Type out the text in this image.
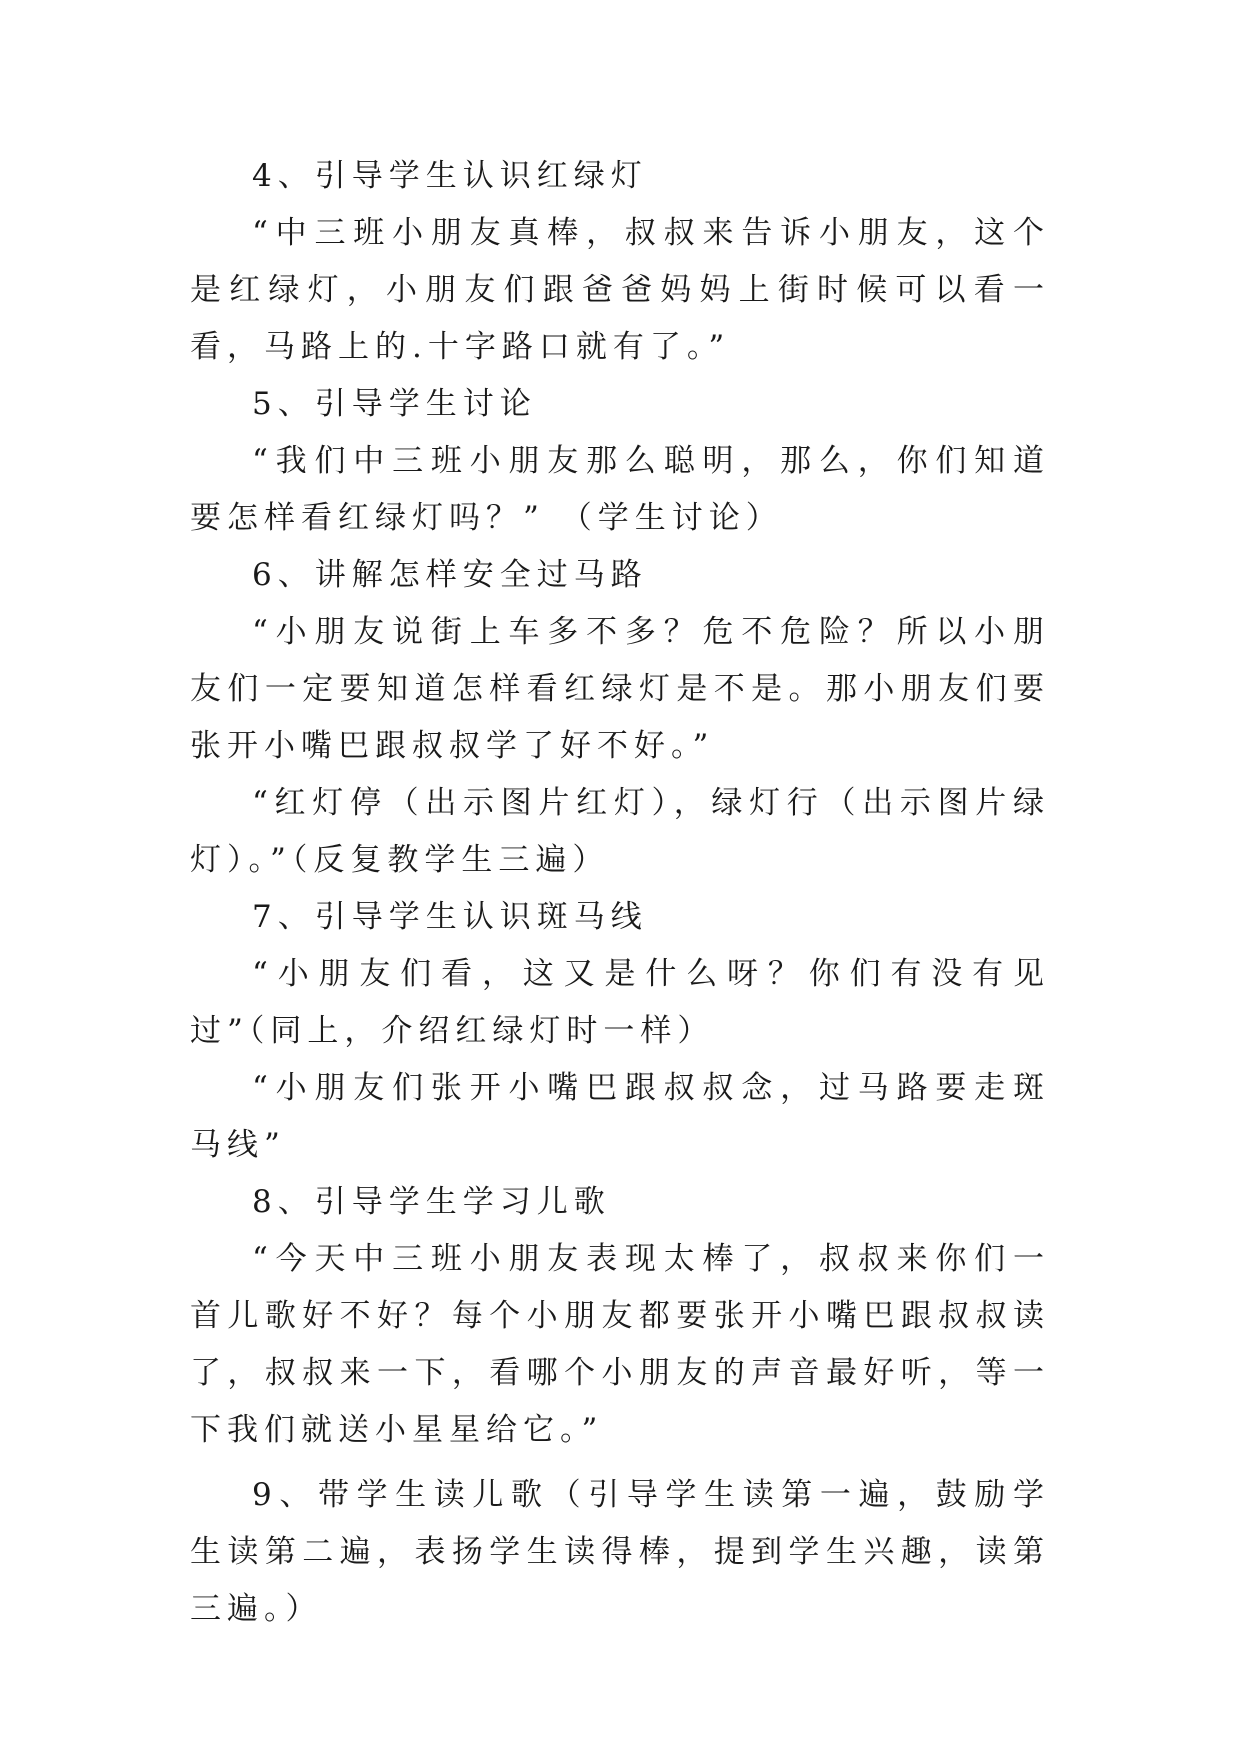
4、引导学生认识红绿灯

“中三班小朋友真棒，叔叔来告诉小朋友，这个是红绿灯，小朋友们跟爸爸妈妈上街时候可以看一看，马路上的.十字路口就有了。”

5、引导学生讨论

“我们中三班小朋友那么聪明，那么，你们知道要怎样看红绿灯吗？” （学生讨论）

6、讲解怎样安全过马路

“小朋友说街上车多不多？危不危险？所以小朋友们一定要知道怎样看红绿灯是不是。那小朋友们要张开小嘴巴跟叔叔学了好不好。”

“红灯停（出示图片红灯），绿灯行（出示图片绿灯）。”（反复教学生三遍）

7、引导学生认识斑马线

“小朋友们看，这又是什么呀？你们有没有见过”（同上，介绍红绿灯时一样）

“小朋友们张开小嘴巴跟叔叔念，过马路要走斑马线”

8、引导学生学习儿歌

“今天中三班小朋友表现太棒了，叔叔来你们一首儿歌好不好？每个小朋友都要张开小嘴巴跟叔叔读了，叔叔来一下，看哪个小朋友的声音最好听，等一下我们就送小星星给它。”

9、带学生读儿歌（引导学生读第一遍，鼓励学生读第二遍，表扬学生读得棒，提到学生兴趣，读第三遍。）
